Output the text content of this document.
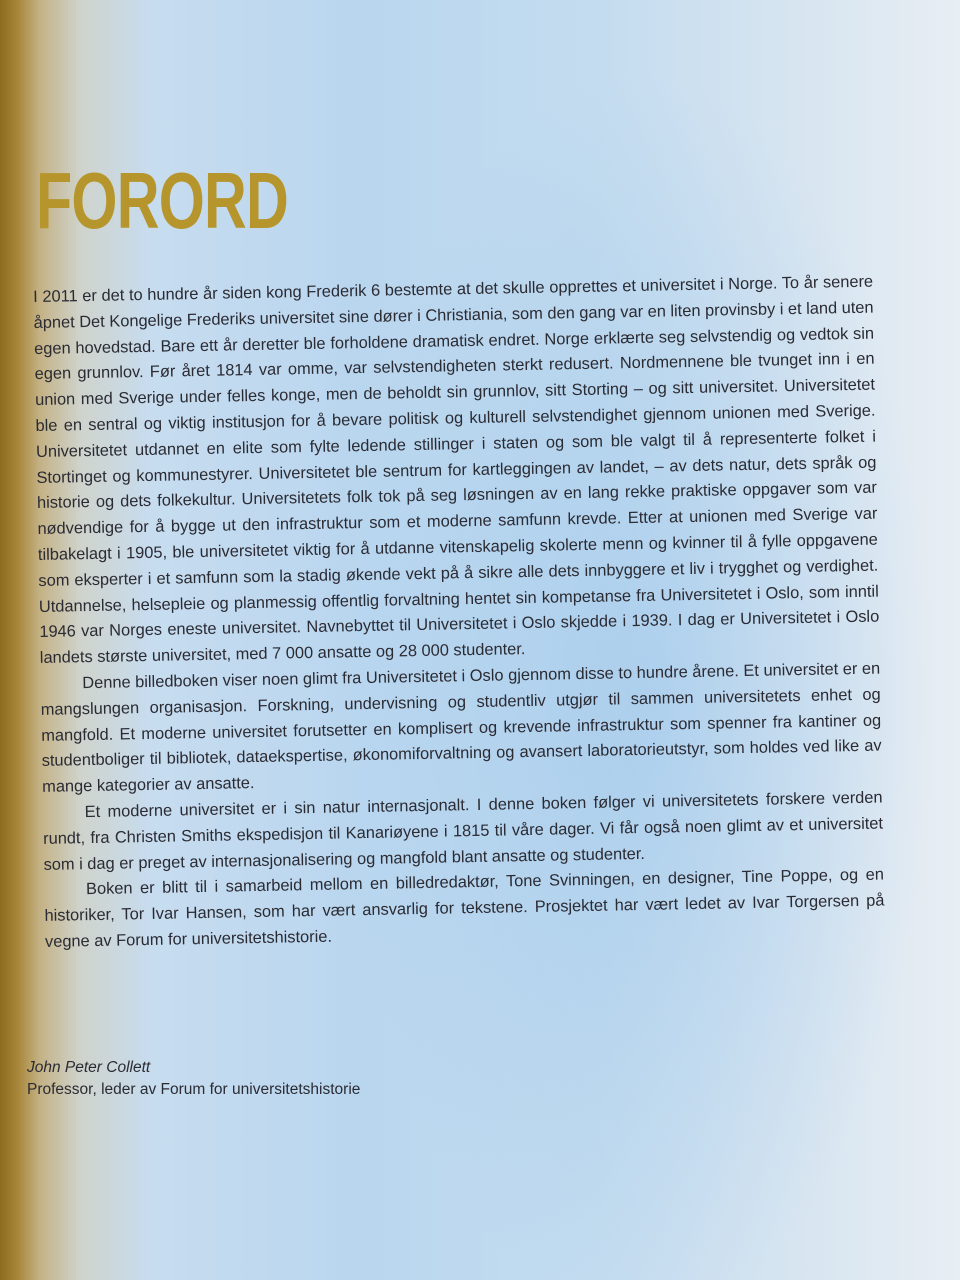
FORORD

I 2011 er det to hundre år siden kong Frederik 6 bestemte at det skulle opprettes et universitet i Norge. To år senere åpnet Det Kongelige Frederiks universitet sine dører i Christiania, som den gang var en liten provinsby i et land uten egen hovedstad. Bare ett år deretter ble forholdene dramatisk endret. Norge erklærte seg selvstendig og vedtok sin egen grunnlov. Før året 1814 var omme, var selvstendigheten sterkt redusert. Nordmennene ble tvunget inn i en union med Sverige under felles konge, men de beholdt sin grunnlov, sitt Storting – og sitt universitet. Universitetet ble en sentral og viktig institusjon for å bevare politisk og kulturell selvstendighet gjennom unionen med Sverige. Universitetet utdannet en elite som fylte ledende stillinger i staten og som ble valgt til å representerte folket i Stortinget og kommunestyrer. Universitetet ble sentrum for kartleggingen av landet, – av dets natur, dets språk og historie og dets folkekultur. Universitetets folk tok på seg løsningen av en lang rekke praktiske oppgaver som var nødvendige for å bygge ut den infrastruktur som et moderne samfunn krevde. Etter at unionen med Sverige var tilbakelagt i 1905, ble universitetet viktig for å utdanne vitenskapelig skolerte menn og kvinner til å fylle oppgavene som eksperter i et samfunn som la stadig økende vekt på å sikre alle dets innbyggere et liv i trygghet og verdighet. Utdannelse, helsepleie og planmessig offentlig forvaltning hentet sin kompetanse fra Universitetet i Oslo, som inntil 1946 var Norges eneste universitet. Navnebyttet til Universitetet i Oslo skjedde i 1939. I dag er Universitetet i Oslo landets største universitet, med 7 000 ansatte og 28 000 studenter.

Denne billedboken viser noen glimt fra Universitetet i Oslo gjennom disse to hundre årene. Et universitet er en mangslungen organisasjon. Forskning, undervisning og studentliv utgjør til sammen universitetets enhet og mangfold. Et moderne universitet forutsetter en komplisert og krevende infrastruktur som spenner fra kantiner og studentboliger til bibliotek, dataekspertise, økonomiforvaltning og avansert laboratorieutstyr, som holdes ved like av mange kategorier av ansatte.

Et moderne universitet er i sin natur internasjonalt. I denne boken følger vi universitetets forskere verden rundt, fra Christen Smiths ekspedisjon til Kanariøyene i 1815 til våre dager. Vi får også noen glimt av et universitet som i dag er preget av internasjonalisering og mangfold blant ansatte og studenter.

Boken er blitt til i samarbeid mellom en billedredaktør, Tone Svinningen, en designer, Tine Poppe, og en historiker, Tor Ivar Hansen, som har vært ansvarlig for tekstene. Prosjektet har vært ledet av Ivar Torgersen på vegne av Forum for universitetshistorie.

John Peter Collett
Professor, leder av Forum for universitetshistorie
